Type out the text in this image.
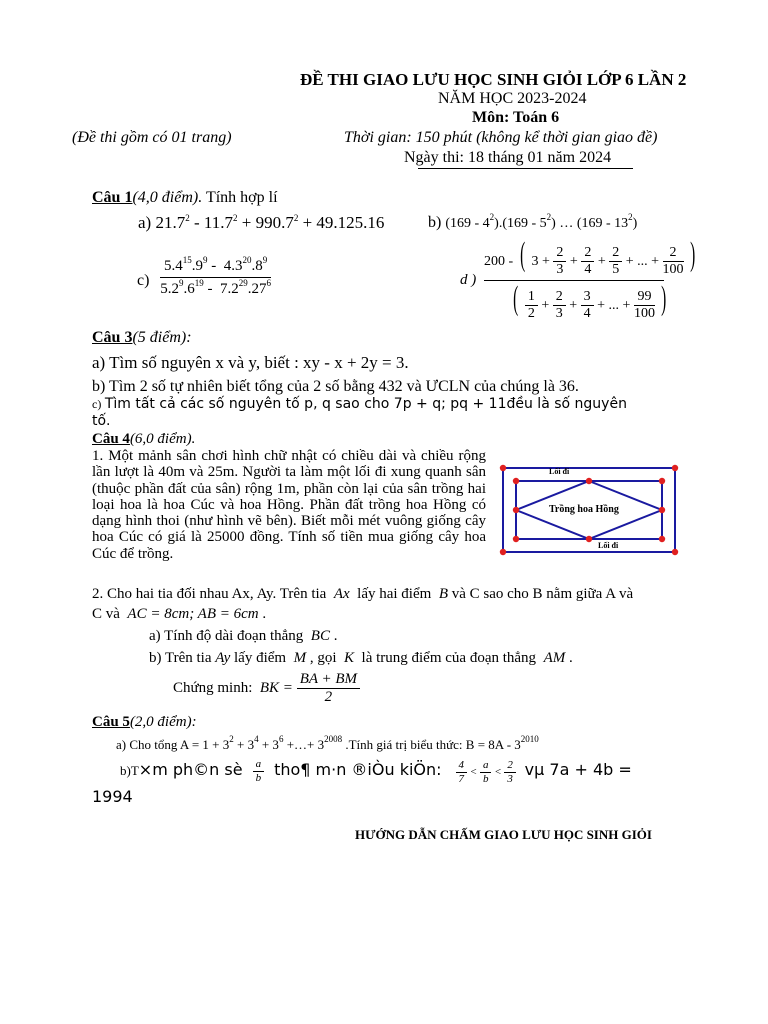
ĐỀ THI GIAO LƯU HỌC SINH GIỎI LỚP 6 LẦN 2
NĂM HỌC 2023-2024
Môn: Toán 6
(Đề thi gồm có 01 trang)	Thời gian: 150 phút (không kể thời gian giao đề)
Ngày thi: 18 tháng 01 năm 2024
Câu 1(4,0 điểm). Tính hợp lí
a) $21.7^2 - 11.7^2 + 990.7^2 + 49.125.16$	b) $(169 - 4^2).(169 - 5^2)$ … $(169 - 13^2)$
$c) \frac{5.4^{15}.9^9 - 4.3^{20}.8^9}{5.2^9.6^{19} - 7.2^{29}.27^6}$	d )
200 - ( $3 + \frac{2}{3} + \frac{2}{4} + \frac{2}{5}$ + ... + $\frac{2}{100}$ )
( $\frac{1}{2} + \frac{2}{3} + \frac{3}{4}$ + ... + $\frac{99}{100}$ )
Câu 3(5 điểm):
a) Tìm số nguyên x và y, biết : xy - x + 2y = 3.
b) Tìm 2 số tự nhiên biết tổng của 2 số bằng 432 và ƯCLN của chúng là 36.
c) Tìm tất cả các số nguyên tố p, q sao cho 7p + q; pq + 11đều là số nguyên
tố.
Câu 4(6,0 điểm).
1. Một mảnh sân chơi hình chữ nhật có chiều dài và chiều rộng lần lượt là 40m và 25m. Người ta làm một lối đi xung quanh sân (thuộc phần đất của sân) rộng 1m, phần còn lại của sân trồng hai loại hoa là hoa Cúc và hoa Hồng. Phần đất trồng hoa Hồng có dạng hình thoi (như hình vẽ bên). Biết mỗi mét vuông giống cây hoa Cúc có giá là 25000 đồng. Tính số tiền mua giống cây hoa Cúc để trồng.
Lối đi
Trồng hoa Hồng
Lối đi
2. Cho hai tia đối nhau Ax, Ay. Trên tia Ax lấy hai điểm B và C sao cho B nằm giữa A và
C và AC = 8cm; AB = 6cm .
a) Tính độ dài đoạn thẳng BC .
b) Trên tia Ay lấy điểm M , gọi K là trung điểm của đoạn thẳng AM .
Chứng minh: BK = $\frac{BA + BM}{2}$
Câu 5(2,0 điểm):
a) Cho tổng $A = 1 + 3^2 + 3^4 + 3^6$ +…+ $3^{2008}$ .Tính giá trị biểu thức: $B = 8A - 3^{2010}$
b)T×m ph©n sè $\frac{a}{b}$ tho¶ m·n ®iÒu kiÖn: $\frac{4}{7} < \frac{a}{b} < \frac{2}{3}$ vµ 7a + 4b =
1994
HƯỚNG DẪN CHẤM GIAO LƯU HỌC SINH GIỎI
